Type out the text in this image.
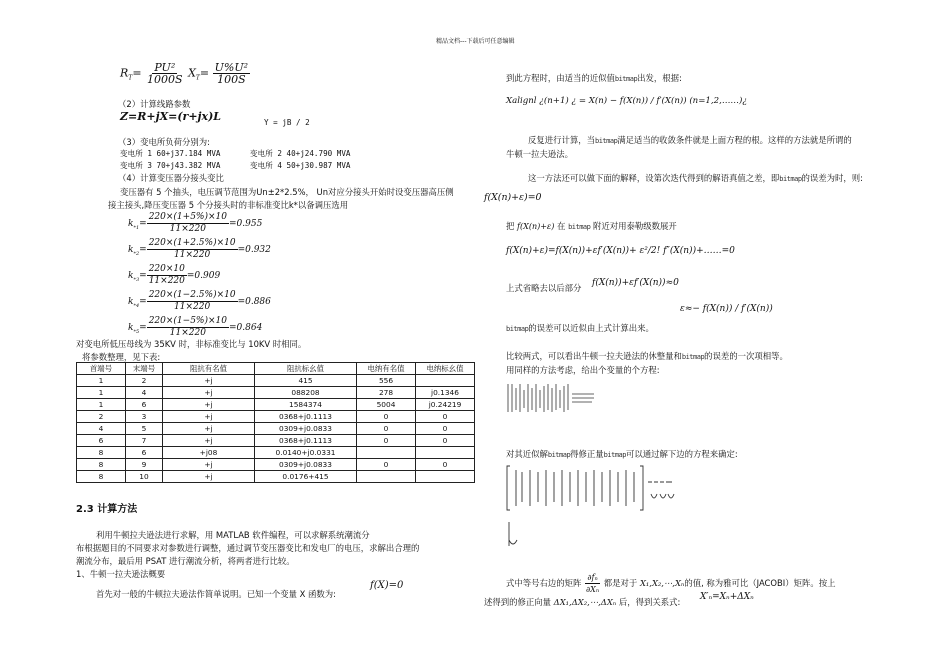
精品文档---下载后可任意编辑
$R_T= \frac{\text{PU²}}{1000S} X_T= \frac{\text{U\%U²}}{100S}$
（2）计算线路参数
Z=R+jX=(r+jx)L	Y = jB / 2
（3）变电所负荷分别为:
变电所 1 60+j37.184 MVA	变电所 2 40+j24.790 MVA
变电所 3 70+j43.382 MVA	变电所 4 50+j30.987 MVA
（4）计算变压器分接头变比
变压器有 5 个抽头，电压调节范围为Un±2*2.5%， Un对应分接头开始时设变压器高压侧
接主接头,降压变压器 5 个分接头时的非标准变比k*以备调压选用
$k_{*1}= \frac{220\times(1+5\%)\times 10}{11\times 220} =0.955$
$k_{*2}= \frac{220\times(1+2.5\%)\times 10}{11\times 220} =0.932$
$k_{*3}= \frac{220\times 10}{11\times 220} =0.909$
$k_{*4}= \frac{220\times(1-2.5\%)\times 10}{11\times 220} =0.886$
$k_{*5}= \frac{220\times(1-5\%)\times 10}{11\times 220} =0.864$
对变电所低压母线为 35KV 时，非标准变比与 10KV 时相同。
将参数整理，见下表:
首端号	末端号	阻抗有名值	阻抗标幺值	电纳有名值	电纳标幺值
1	2	+j	415	556	
1	4	+j	088208	278	j0.1346
1	6	+j	1584374	5004	j0.24219
2	3	+j	0368+j0.1113	0	0
4	5	+j	0309+j0.0833	0	0
6	7	+j	0368+j0.1113	0	0
8	6	+j08	0.0140+j0.0331		
8	9	+j	0309+j0.0833	0	0
8	10	+j	0.0176+415		
2.3 计算方法
利用牛顿拉夫逊法进行求解，用 MATLAB 软件编程，可以求解系统潮流分
布根据题目的不同要求对参数进行调整，通过调节变压器变比和发电厂的电压，求解出合理的
潮流分布，最后用 PSAT 进行潮流分析，将两者进行比较。
1、牛顿一拉夫逊法概要
首先对一般的牛顿拉夫逊法作简单说明。已知一个变量 X 函数为:
f(X)=0
到此方程时，由适当的近似值bitmap出发，根据:
Xalignl ¿(n+1) ¿ = X(n) − f(X(n)) / f′(X(n)) (n=1,2,……)¿
反复进行计算，当bitmap满足适当的收敛条件就是上面方程的根。这样的方法就是所谓的
牛顿一拉夫逊法。
这一方法还可以做下面的解释，设第次迭代得到的解语真值之差，即bitmap的误差为时，则:
f(X(n)+ε)=0
把 f(X(n)+ε) 在 bitmap 附近对用泰勒级数展开
f(X(n)+ε)=f(X(n))+εf′(X(n))+ ε²/2! f″(X(n))+……=0
上式省略去以后部分 f(X(n))+εf′(X(n))≈0
ε≈− f(X(n)) / f′(X(n))
bitmap的误差可以近似由上式计算出来。
比较两式，可以看出牛顿一拉夫逊法的休整量和bitmap的误差的一次项相等。
用同样的方法考虑，给出个变量的个方程:
对其近似解bitmap得修正量bitmap可以通过解下边的方程来确定:
式中等号右边的矩阵 $\frac{\text{∂fₙ}}{\text{∂Xₙ}}$ 都是对于 X₁,X₂,⋯,Xₙ的值, 称为雅可比（JACOBI）矩阵。按上
述得到的修正向量 ΔX₁,ΔX₂,⋯,ΔXₙ 后，得到关系式: X′ₙ=Xₙ+ΔXₙ
